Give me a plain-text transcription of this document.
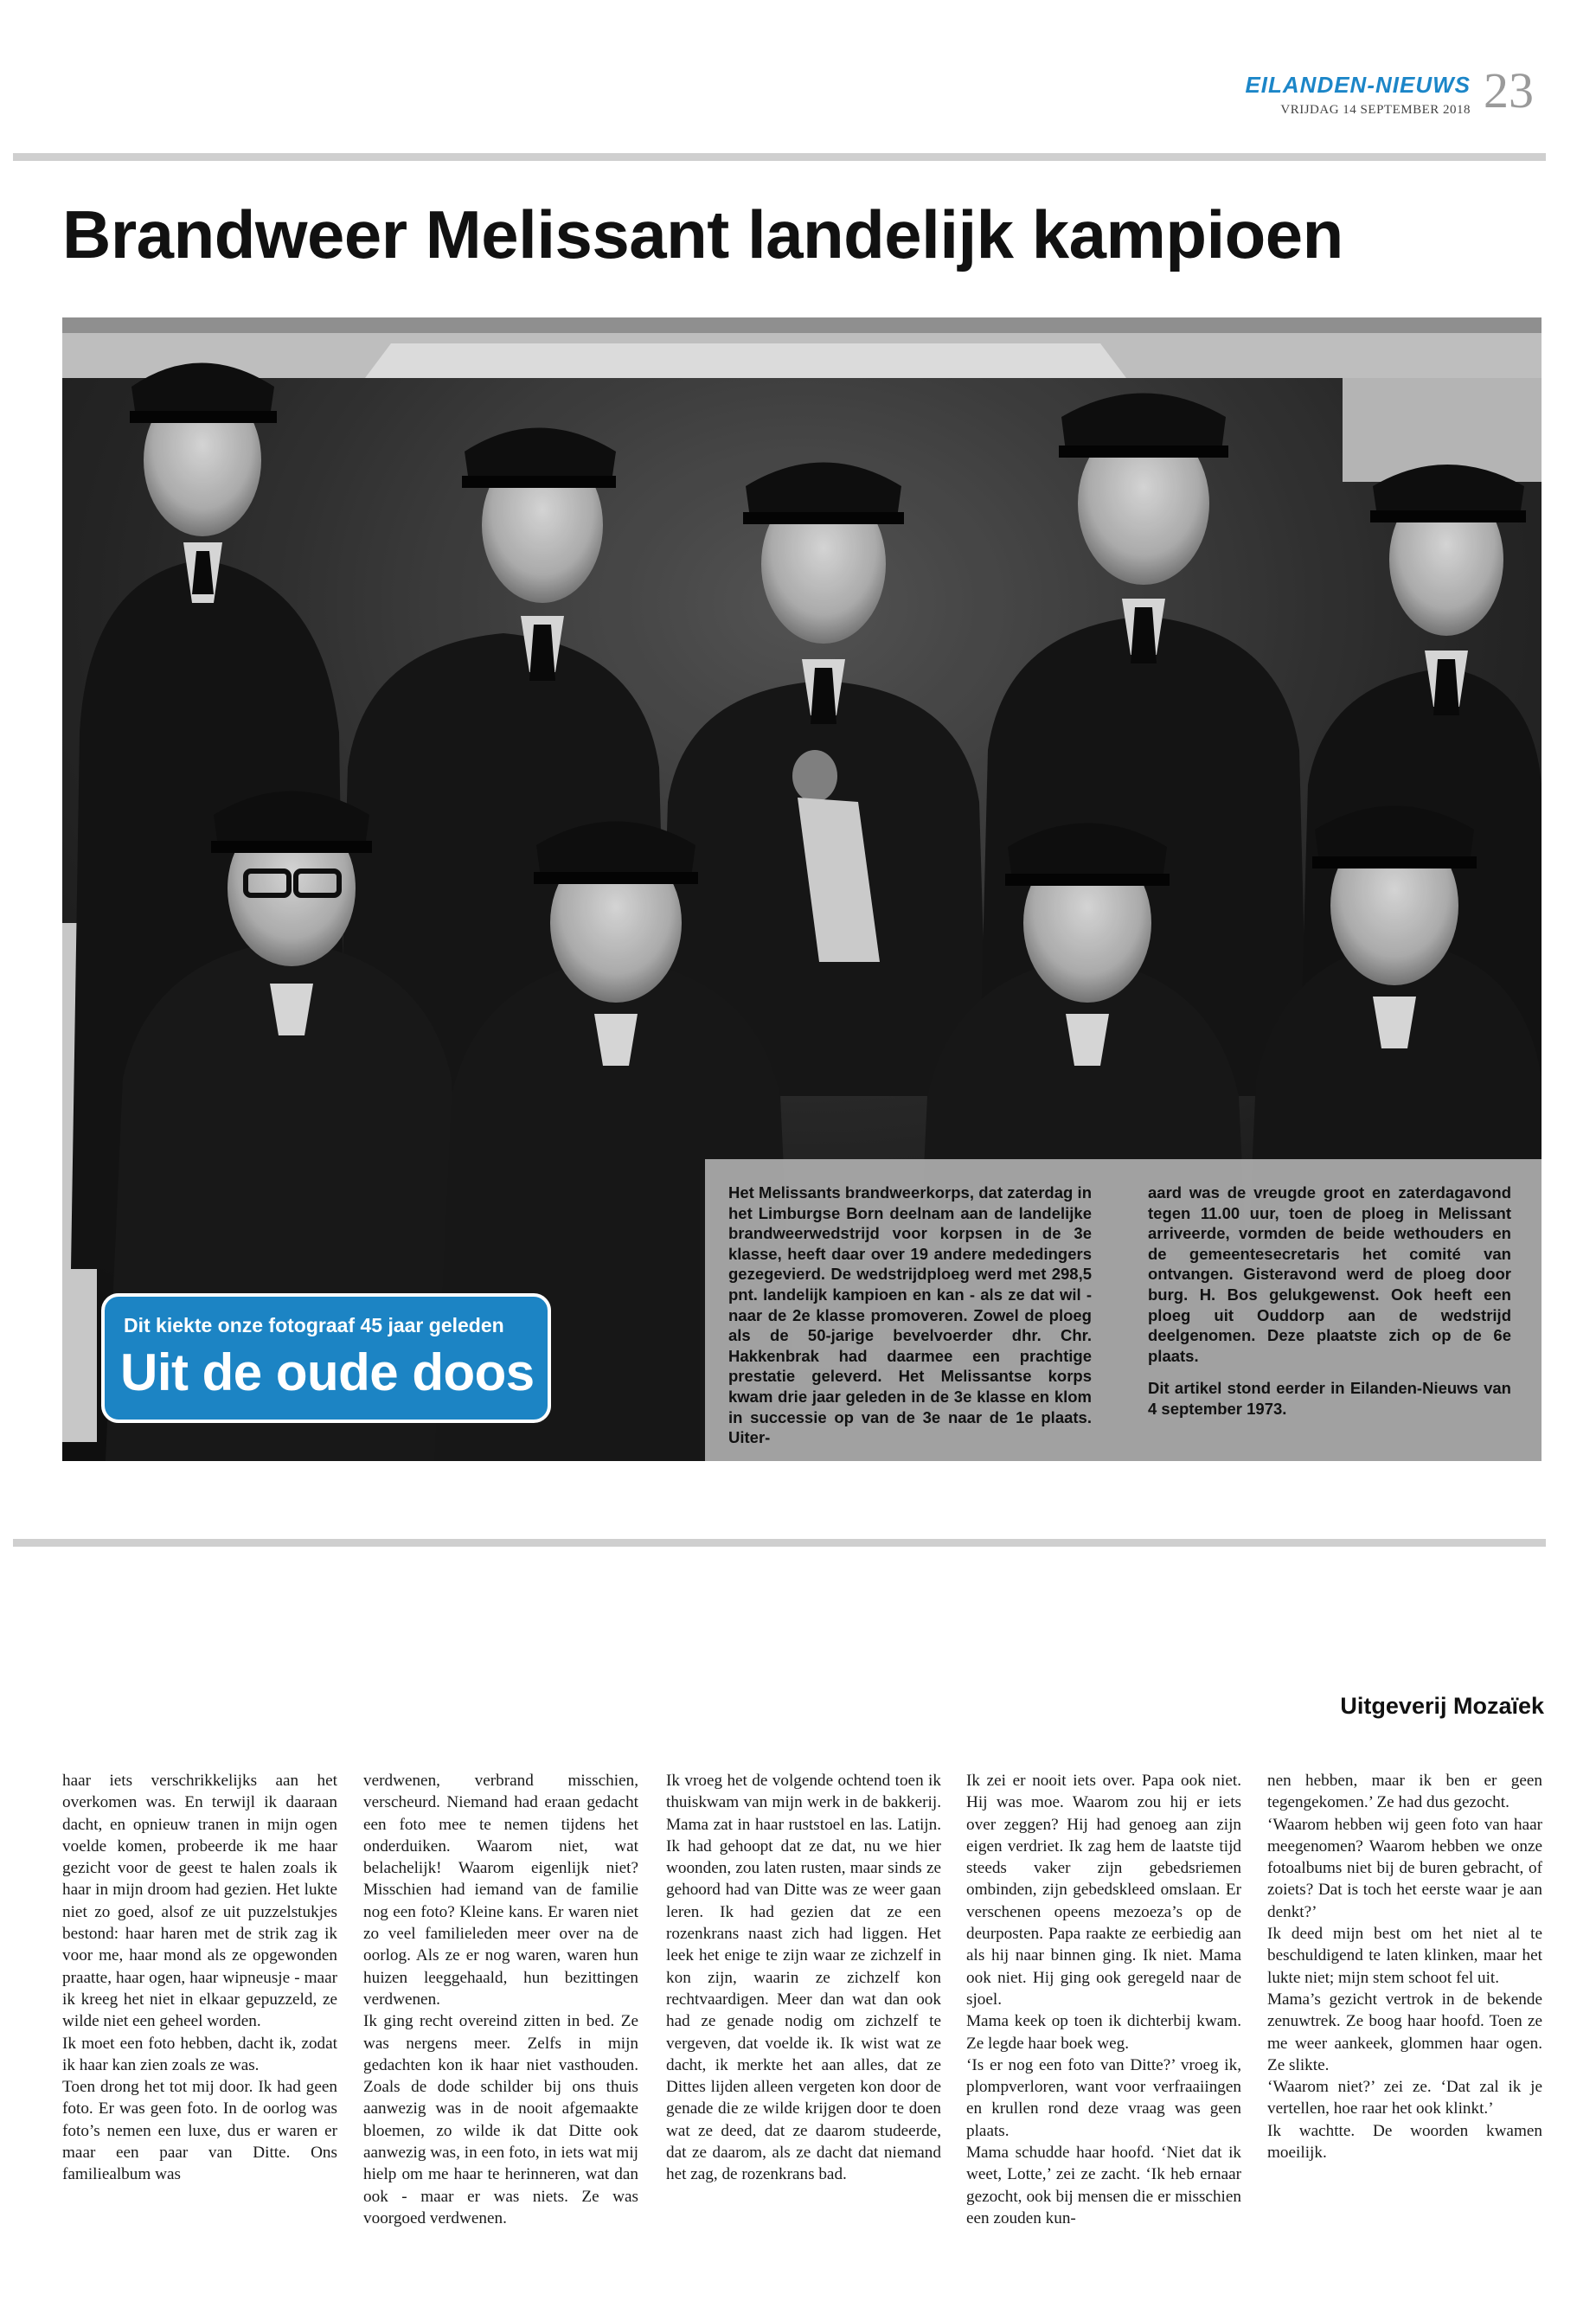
EILANDEN-NIEUWS
VRIJDAG 14 SEPTEMBER 2018 23
Brandweer Melissant landelijk kampioen
Dit kiekte onze fotograaf 45 jaar geleden
Uit de oude doos

Het Melissants brandweerkorps, dat zaterdag in het Limburgse Born deelnam aan de landelijke brandweerwedstrijd voor korpsen in de 3e klasse, heeft daar over 19 andere mededingers gezegevierd. De wedstrijdploeg werd met 298,5 pnt. landelijk kampioen en kan - als ze dat wil - naar de 2e klasse promoveren. Zowel de ploeg als de 50-jarige bevelvoerder dhr. Chr. Hakkenbrak had daarmee een prachtige prestatie geleverd. Het Melissantse korps kwam drie jaar geleden in de 3e klasse en klom in successie op van de 3e naar de 1e plaats. Uiter-

aard was de vreugde groot en zaterdagavond tegen 11.00 uur, toen de ploeg in Melissant arriveerde, vormden de beide wethouders en de gemeentesecretaris het comité van ontvangen. Gisteravond werd de ploeg door burg. H. Bos gelukgewenst. Ook heeft een ploeg uit Ouddorp aan de wedstrijd deelgenomen. Deze plaatste zich op de 6e plaats.

Dit artikel stond eerder in Eilanden-Nieuws van 4 september 1973.

Uitgeverij Mozaïek

haar iets verschrikkelijks aan het overkomen was. En terwijl ik daaraan dacht, en opnieuw tranen in mijn ogen voelde komen, probeerde ik me haar gezicht voor de geest te halen zoals ik haar in mijn droom had gezien. Het lukte niet zo goed, alsof ze uit puzzelstukjes bestond: haar haren met de strik zag ik voor me, haar mond als ze opgewonden praatte, haar ogen, haar wipneusje - maar ik kreeg het niet in elkaar gepuzzeld, ze wilde niet een geheel worden.

Ik moet een foto hebben, dacht ik, zodat ik haar kan zien zoals ze was.

Toen drong het tot mij door. Ik had geen foto. Er was geen foto. In de oorlog was foto’s nemen een luxe, dus er waren er maar een paar van Ditte. Ons familiealbum was

verdwenen, verbrand misschien, verscheurd. Niemand had eraan gedacht een foto mee te nemen tijdens het onderduiken. Waarom niet, wat belachelijk! Waarom eigenlijk niet? Misschien had iemand van de familie nog een foto? Kleine kans. Er waren niet zo veel familieleden meer over na de oorlog. Als ze er nog waren, waren hun huizen leeggehaald, hun bezittingen verdwenen.

Ik ging recht overeind zitten in bed. Ze was nergens meer. Zelfs in mijn gedachten kon ik haar niet vasthouden. Zoals de dode schilder bij ons thuis aanwezig was in de nooit afgemaakte bloemen, zo wilde ik dat Ditte ook aanwezig was, in een foto, in iets wat mij hielp om me haar te herinneren, wat dan ook - maar er was niets. Ze was voorgoed verdwenen.

Ik vroeg het de volgende ochtend toen ik thuiskwam van mijn werk in de bakkerij. Mama zat in haar ruststoel en las. Latijn. Ik had gehoopt dat ze dat, nu we hier woonden, zou laten rusten, maar sinds ze gehoord had van Ditte was ze weer gaan leren. Ik had gezien dat ze een rozenkrans naast zich had liggen. Het leek het enige te zijn waar ze zichzelf in kon zijn, waarin ze zichzelf kon rechtvaardigen. Meer dan wat dan ook had ze genade nodig om zichzelf te vergeven, dat voelde ik. Ik wist wat ze dacht, ik merkte het aan alles, dat ze Dittes lijden alleen vergeten kon door de genade die ze wilde krijgen door te doen wat ze deed, dat ze daarom studeerde, dat ze daarom, als ze dacht dat niemand het zag, de rozenkrans bad.

Ik zei er nooit iets over. Papa ook niet. Hij was moe. Waarom zou hij er iets over zeggen? Hij had genoeg aan zijn eigen verdriet. Ik zag hem de laatste tijd steeds vaker zijn gebedsriemen ombinden, zijn gebedskleed omslaan. Er verschenen opeens mezoeza’s op de deurposten. Papa raakte ze eerbiedig aan als hij naar binnen ging. Ik niet. Mama ook niet. Hij ging ook geregeld naar de sjoel.

Mama keek op toen ik dichterbij kwam. Ze legde haar boek weg.

‘Is er nog een foto van Ditte?’ vroeg ik, plompverloren, want voor verfraaiingen en krullen rond deze vraag was geen plaats.

Mama schudde haar hoofd. ‘Niet dat ik weet, Lotte,’ zei ze zacht. ‘Ik heb ernaar gezocht, ook bij mensen die er misschien een zouden kun-

nen hebben, maar ik ben er geen tegengekomen.’ Ze had dus gezocht.

‘Waarom hebben wij geen foto van haar meegenomen? Waarom hebben we onze fotoalbums niet bij de buren gebracht, of zoiets? Dat is toch het eerste waar je aan denkt?’

Ik deed mijn best om het niet al te beschuldigend te laten klinken, maar het lukte niet; mijn stem schoot fel uit.

Mama’s gezicht vertrok in de bekende zenuwtrek. Ze boog haar hoofd. Toen ze me weer aankeek, glommen haar ogen. Ze slikte.

‘Waarom niet?’ zei ze. ‘Dat zal ik je vertellen, hoe raar het ook klinkt.’

Ik wachtte. De woorden kwamen moeilijk.
